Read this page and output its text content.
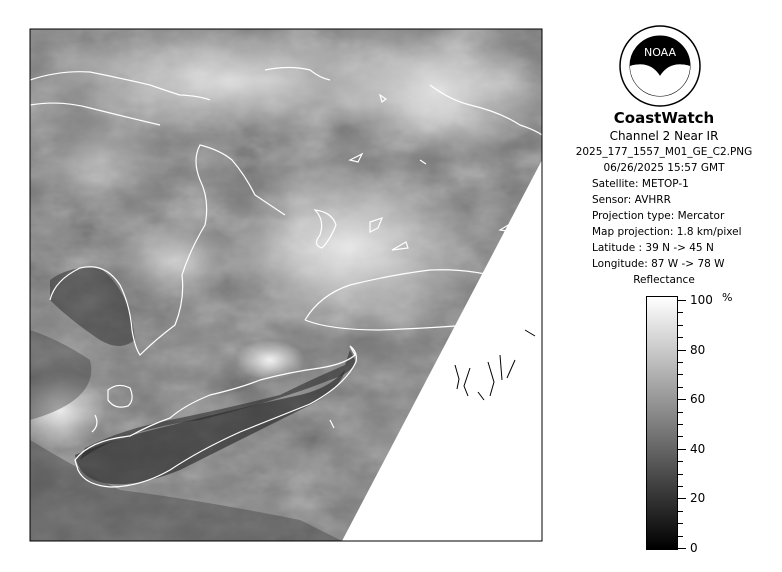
NOAA
CoastWatch
Channel 2 Near IR
2025_177_1557_M01_GE_C2.PNG
06/26/2025 15:57 GMT
Satellite: METOP-1
Sensor: AVHRR
Projection type: Mercator
Map projection: 1.8 km/pixel
Latitude : 39 N -> 45 N
Longitude: 87 W -> 78 W
Reflectance
%
100
80
60
40
20
0
